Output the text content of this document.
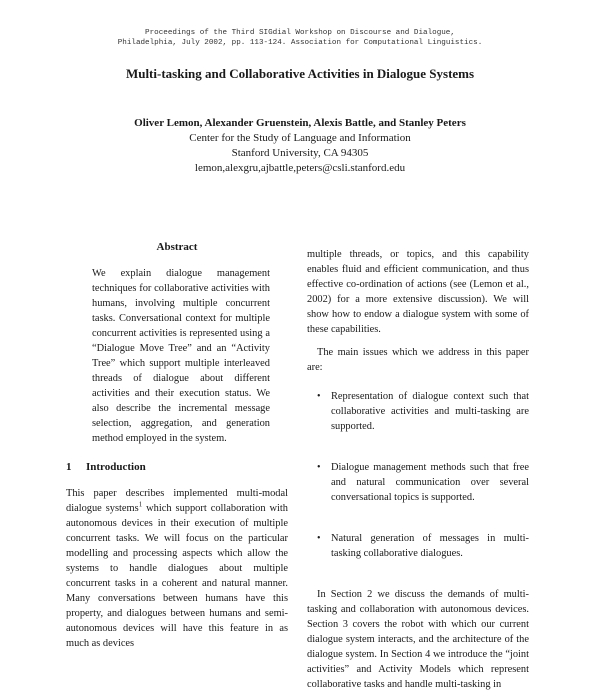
Proceedings of the Third SIGdial Workshop on Discourse and Dialogue,
Philadelphia, July 2002, pp. 113-124. Association for Computational Linguistics.
Multi-tasking and Collaborative Activities in Dialogue Systems
Oliver Lemon, Alexander Gruenstein, Alexis Battle, and Stanley Peters
Center for the Study of Language and Information
Stanford University, CA 94305
lemon,alexgru,ajbattle,peters@csli.stanford.edu
Abstract
We explain dialogue management techniques for collaborative activities with humans, involving multiple concurrent tasks. Conversational context for multiple concurrent activities is represented using a “Dialogue Move Tree” and an “Activity Tree” which support multiple interleaved threads of dialogue about different activities and their execution status. We also describe the incremental message selection, aggregation, and generation method employed in the system.
1 Introduction
This paper describes implemented multi-modal dialogue systems$^1$ which support collaboration with autonomous devices in their execution of multiple concurrent tasks. We will focus on the particular modelling and processing aspects which allow the systems to handle dialogues about multiple concurrent tasks in a coherent and natural manner. Many conversations between humans have this property, and dialogues between humans and semi-autonomous devices will have this feature in as much as devices
multiple threads, or topics, and this capability enables fluid and efficient communication, and thus effective co-ordination of actions (see (Lemon et al., 2002) for a more extensive discussion). We will show how to endow a dialogue system with some of these capabilities.
The main issues which we address in this paper are:
• Representation of dialogue context such that collaborative activities and multi-tasking are supported.
• Dialogue management methods such that free and natural communication over several conversational topics is supported.
• Natural generation of messages in multi-tasking collaborative dialogues.
In Section 2 we discuss the demands of multi-tasking and collaboration with autonomous devices. Section 3 covers the robot with which our current dialogue system interacts, and the architecture of the dialogue system. In Section 4 we introduce the “joint activities” and Activity Models which represent collaborative tasks and handle multi-tasking in
